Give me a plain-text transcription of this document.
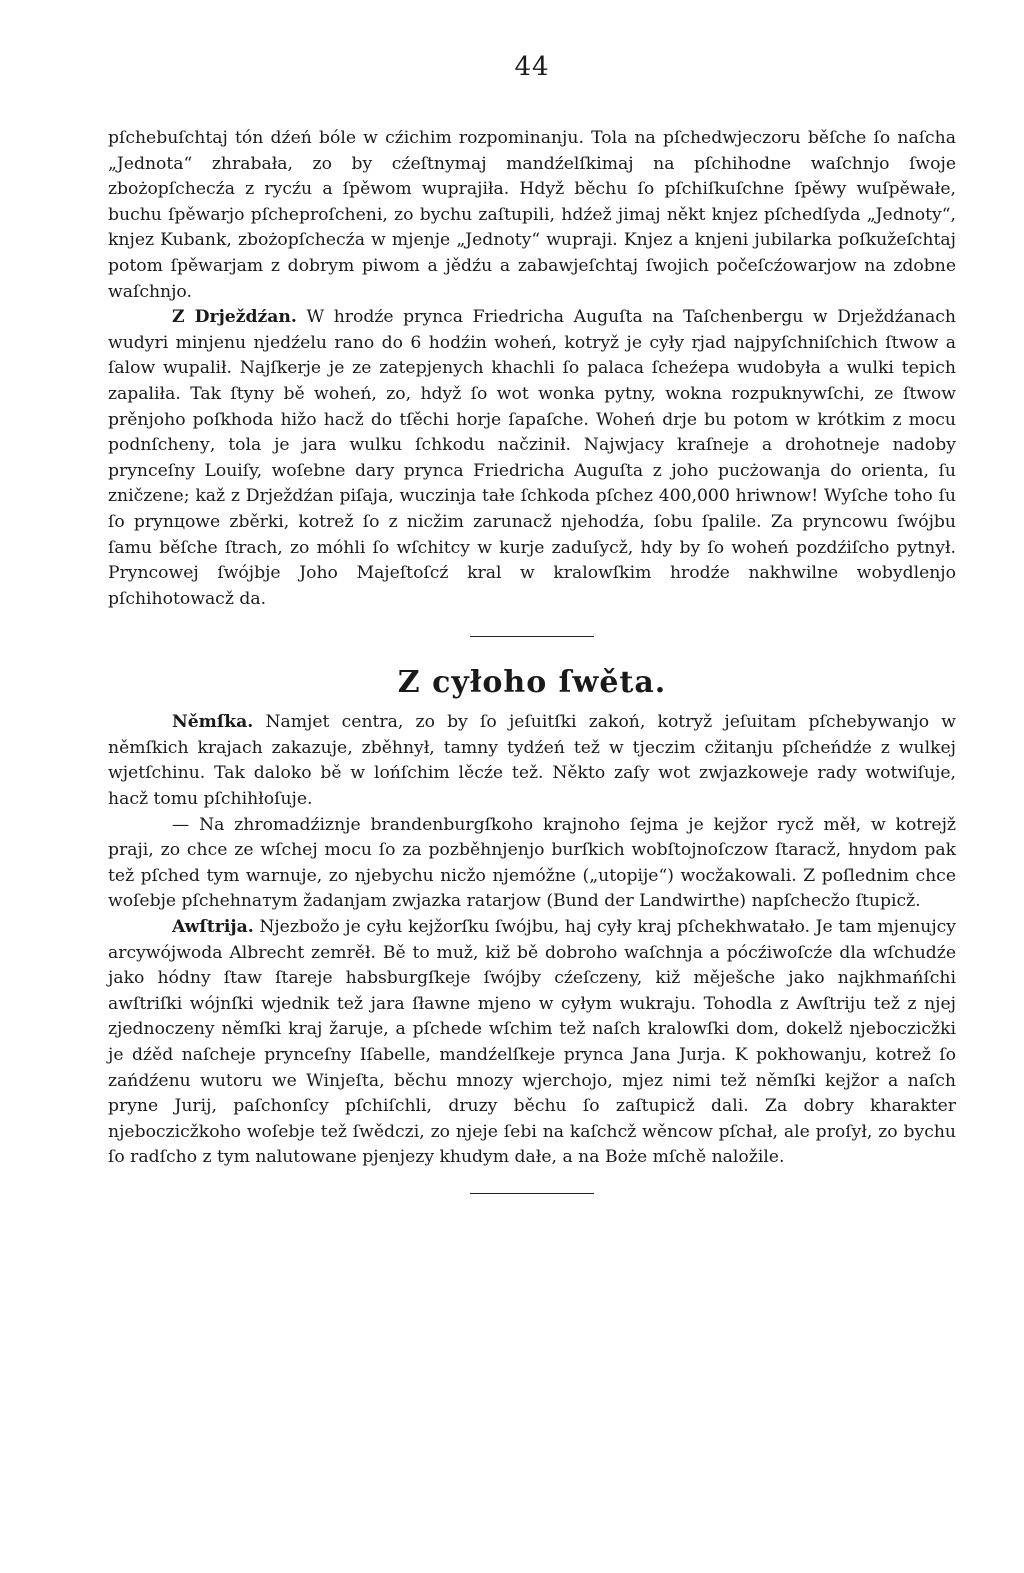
44

pſchebuſchtaj tón dźeń bóle w cźichim rozpominanju. Tola na pſchedwjeczoru běſche ſo naſcha „Jednota“ zhrabała, zo by cźeſtnymaj mandźelſkimaj na pſchihodne waſchnjo ſwoje zbożopſchecźa z rycźu a ſpěwom wuprajiła. Hdyž běchu ſo pſchiſkuſchne ſpěwy wuſpěwałe, buchu ſpěwarjo pſcheproſcheni, zo bychu zaſtupili, hdźež jimaj někt knjez pſchedſyda „Jednoty“, knjez Kubank, zbożopſchecźa w mjenje „Jednoty“ wupraji. Knjez a knjeni jubilarka poſkužeſchtaj potom ſpěwarjam z dobrym piwom a jědźu a zabawjeſchtaj ſwojich počeſcźowarjow na zdobne waſchnjo.

Z Drježdźan. W hrodźe pryncа Friedricha Auguſta na Taſchenbergu w Drježdźanach wudyri minjenu njedźelu rano do 6 hodźin woheń, kotryž je cyły rjad najpyſchniſchich ſtwow a ſalow wupalił. Najſkerje je ze zatepjenych khachli ſo palaca ſcheźepa wudobyła a wulki tepich zapaliła. Tak ſtyny bě woheń, zo, hdyž ſo wot wonka pytny, wokna rozpuknywſchi, ze ſtwow prěnjoho poſkhoda hižo hacž do tſěchi horje ſapaſche. Woheń drje bu potom w krótkim z mocu podnſchenу, tola je jara wulku ſchkodu načzinił. Najwjacy kraſneje a drohotneje nadoby pryncеſny Louiſy, woſebne dary prynca Friedricha Auguſta z joho pucżowanja do orienta, ſu zničzene; kaž z Drježdźan piſaja, wuczinja tałe ſchkoda pſchez 400,000 hriwnow! Wyſche toho ſu ſo prynцowe zběrki, kotrež ſo z nicžim zarunacž njehodźa, ſobu ſpalile. Za pryncowu ſwójbu ſamu běſche ſtrach, zo móhli ſo wſchitcy w kurje zaduſycž, hdy by ſo woheń pozdźiſcho pytnył. Pryncowej ſwójbje Joho Majeſtoſcź kral w kralowſkim hrodźe nakhwilne wobydlenjo pſchihotowacž da.

Z cyłoho ſwěta.

Němſka. Namjet centra, zo by ſo jeſuitſki zakoń, kotryž jeſuitam pſchebywanjo w němſkich krajach zakazuje, zběhnył, tamny tydźeń tež w tjeczim cžitanju pſcheńdźe z wulkej wjetſchinu. Tak daloko bě w lońſchim lěcźe tež. Někto zaſy wot zwjazkoweje rady wotwiſuje, hacž tomu pſchihłoſuje.

— Na zhromadźiznje brandenburgſkoho krajnoho ſejma je kejžor rycž měł, w kotrejž praji, zo chce ze wſchej mocu ſo za pozběhnjenjo burſkich wobſtojnoſczow ſtaracž, hnydom pak tež pſched tym warnuje, zo njebychu nicžo njemóžne („utopije“) wocžakowali. Z poſlednim chce woſebje pſchehnaтym žadanjam zwjazka ratarjow (Bund der Landwirthe) napſchecžo ſtupicž.

Awſtrija. Njezbožo je cyłu kejžorſku ſwójbu, haj cyły kraj pſchekhwatało. Je tam mjenujcy arcywójwoda Albrecht zemrěł. Bě to muž, kiž bě dobroho waſchnja a pócźiwoſcźe dla wſchudźe jako hódny ſtaw ſtareje habsburgſkeje ſwójby cźeſczeny, kiž měješche jako najkhmańſchi awſtriſki wójnſki wjednik tež jara ſławne mjeno w cyłym wukraju. Tohodla z Awſtriju tež z njej zjednoczeny němſki kraj žaruje, a pſchede wſchim tež naſch kralowſki dom, dokelž njeboczicžki je dźěd naſcheje pryncеſny Iſabelle, mandźelſkeje prynca Jana Jurja. K pokhowanju, kotrež ſo zańdźenu wutoru we Winjeſta, běchu mnozy wjerchojo, mjez nimi tež němſki kejžor a naſch pryne Jurij, paſchonſcy pſchiſchli, druzy běchu ſo zaſtupicž dali. Za dobry kharakter njeboczicžkoho woſebje tež ſwědczi, zo njeje ſebi na kaſchcž wěncow pſchał, ale proſył, zo bychu ſo radſcho z tym nalutowane pjenjezy khudym dałe, a na Boże mſchě naložile.
